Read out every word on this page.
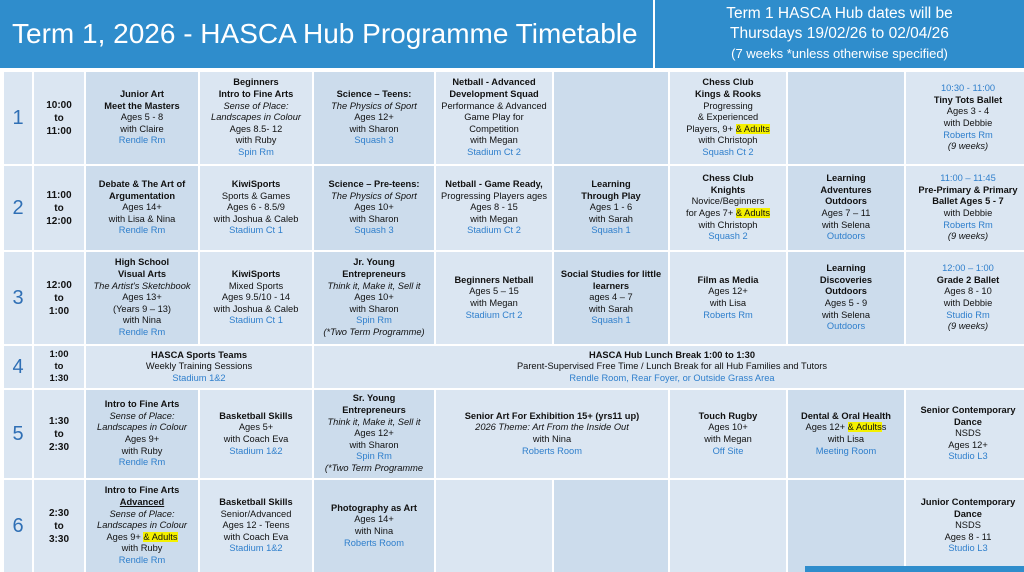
Term 1, 2026 - HASCA Hub Programme Timetable
Term 1 HASCA Hub dates will be
Thursdays 19/02/26 to 02/04/26
(7 weeks *unless otherwise specified)
1
10:00
to
11:00
Junior Art
Meet the Masters
Ages 5 - 8
with Claire
Rendle Rm
Beginners
Intro to Fine Arts
Sense of Place:
Landscapes in Colour
Ages 8.5- 12
with Ruby
Spin Rm
Science – Teens:
The Physics of Sport
Ages 12+
with Sharon
Squash 3
Netball - Advanced
Development Squad
Performance & Advanced
Game Play for
Competition
with Megan
Stadium Ct 2
Chess Club
Kings & Rooks
Progressing
& Experienced
Players, 9+ & Adults
with Christoph
Squash Ct 2
10:30 - 11:00
Tiny Tots Ballet
Ages 3 - 4
with Debbie
Roberts Rm
(9 weeks)
2
11:00
to
12:00
Debate & The Art of
Argumentation
Ages 14+
with Lisa & Nina
Rendle Rm
KiwiSports
Sports & Games
Ages 6 - 8.5/9
with Joshua & Caleb
Stadium Ct 1
Science – Pre-teens:
The Physics of Sport
Ages 10+
with Sharon
Squash 3
Netball - Game Ready,
Progressing Players ages
Ages 8 - 15
with Megan
Stadium Ct 2
Learning
Through Play
Ages 1 - 6
with Sarah
Squash 1
Chess Club
Knights
Novice/Beginners
for Ages 7+ & Adults
with Christoph
Squash 2
Learning
Adventures
Outdoors
Ages 7 – 11
with Selena
Outdoors
11:00 – 11:45
Pre-Primary & Primary
Ballet Ages 5 - 7
with Debbie
Roberts Rm
(9 weeks)
3
12:00
to
1:00
High School
Visual Arts
The Artist's Sketchbook
Ages 13+
(Years 9 – 13)
with Nina
Rendle Rm
KiwiSports
Mixed Sports
Ages 9.5/10 - 14
with Joshua & Caleb
Stadium Ct 1
Jr. Young
Entrepreneurs
Think it, Make it, Sell it
Ages 10+
with Sharon
Spin Rm
(*Two Term Programme)
Beginners Netball
Ages 5 – 15
with Megan
Stadium Crt 2
Social Studies for little
learners
ages 4 – 7
with Sarah
Squash 1
Film as Media
Ages 12+
with Lisa
Roberts Rm
Learning
Discoveries
Outdoors
Ages 5 - 9
with Selena
Outdoors
12:00 – 1:00
Grade 2 Ballet
Ages 8 - 10
with Debbie
Studio Rm
(9 weeks)
4
1:00
to
1:30
HASCA Sports Teams
Weekly Training Sessions
Stadium 1&2
HASCA Hub Lunch Break 1:00 to 1:30
Parent-Supervised Free Time / Lunch Break for all Hub Families and Tutors
Rendle Room, Rear Foyer, or Outside Grass Area
5
1:30
to
2:30
Intro to Fine Arts
Sense of Place:
Landscapes in Colour
Ages 9+
with Ruby
Rendle Rm
Basketball Skills
Ages 5+
with Coach Eva
Stadium 1&2
Sr. Young
Entrepreneurs
Think it, Make it, Sell it
Ages 12+
with Sharon
Spin Rm
(*Two Term Programme
Senior Art For Exhibition 15+ (yrs11 up)
2026 Theme: Art From the Inside Out
with Nina
Roberts Room
Touch Rugby
Ages 10+
with Megan
Off Site
Dental & Oral Health
Ages 12+ & Adultss
with Lisa
Meeting Room
Senior Contemporary
Dance
NSDS
Ages 12+
Studio L3
6
2:30
to
3:30
Intro to Fine Arts
Advanced
Sense of Place:
Landscapes in Colour
Ages 9+ & Adults
with Ruby
Rendle Rm
Basketball Skills
Senior/Advanced
Ages 12 - Teens
with Coach Eva
Stadium 1&2
Photography as Art
Ages 14+
with Nina
Roberts Room
Junior Contemporary
Dance
NSDS
Ages 8 - 11
Studio L3
